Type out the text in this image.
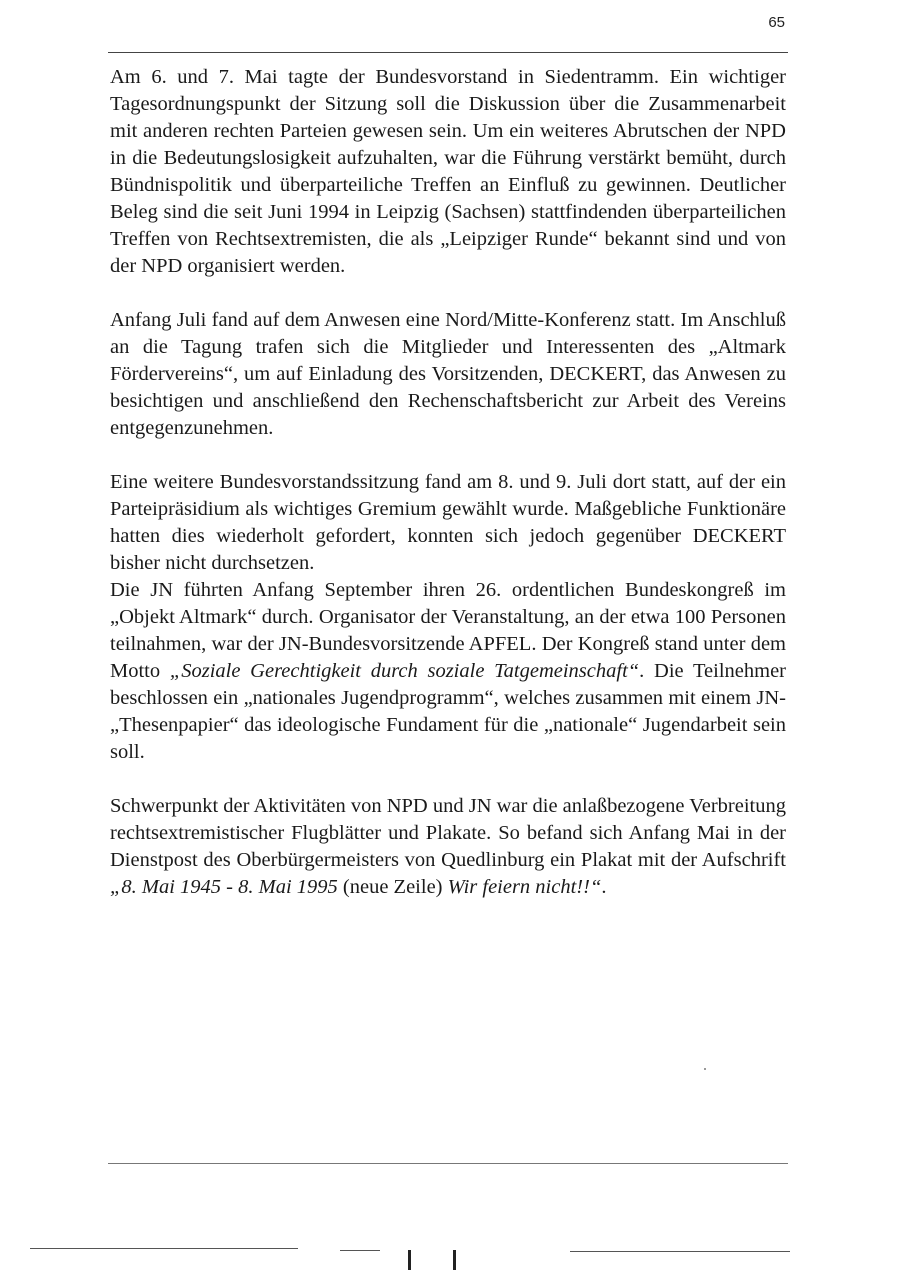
65

Am 6. und 7. Mai tagte der Bundesvorstand in Siedentramm. Ein wichtiger Tagesordnungspunkt der Sitzung soll die Diskussion über die Zusammenarbeit mit anderen rechten Parteien gewesen sein. Um ein weiteres Abrutschen der NPD in die Bedeutungslosigkeit aufzuhalten, war die Führung verstärkt bemüht, durch Bündnispolitik und überparteiliche Treffen an Einfluß zu gewinnen. Deutlicher Beleg sind die seit Juni 1994 in Leipzig (Sachsen) stattfindenden überparteilichen Treffen von Rechtsextremisten, die als „Leipziger Runde“ bekannt sind und von der NPD organisiert werden.

Anfang Juli fand auf dem Anwesen eine Nord/Mitte-Konferenz statt. Im Anschluß an die Tagung trafen sich die Mitglieder und Interessenten des „Altmark Fördervereins“, um auf Einladung des Vorsitzenden, DECKERT, das Anwesen zu besichtigen und anschließend den Rechenschaftsbericht zur Arbeit des Vereins entgegenzunehmen.

Eine weitere Bundesvorstandssitzung fand am 8. und 9. Juli dort statt, auf der ein Parteipräsidium als wichtiges Gremium gewählt wurde. Maßgebliche Funktionäre hatten dies wiederholt gefordert, konnten sich jedoch gegenüber DECKERT bisher nicht durchsetzen.

Die JN führten Anfang September ihren 26. ordentlichen Bundeskongreß im „Objekt Altmark“ durch. Organisator der Veranstaltung, an der etwa 100 Personen teilnahmen, war der JN-Bundesvorsitzende APFEL. Der Kongreß stand unter dem Motto „Soziale Gerechtigkeit durch soziale Tatgemeinschaft“. Die Teilnehmer beschlossen ein „nationales Jugendprogramm“, welches zusammen mit einem JN-„Thesenpapier“ das ideologische Fundament für die „nationale“ Jugendarbeit sein soll.

Schwerpunkt der Aktivitäten von NPD und JN war die anlaßbezogene Verbreitung rechtsextremistischer Flugblätter und Plakate. So befand sich Anfang Mai in der Dienstpost des Oberbürgermeisters von Quedlinburg ein Plakat mit der Aufschrift „8. Mai 1945 - 8. Mai 1995 (neue Zeile) Wir feiern nicht!!“.
